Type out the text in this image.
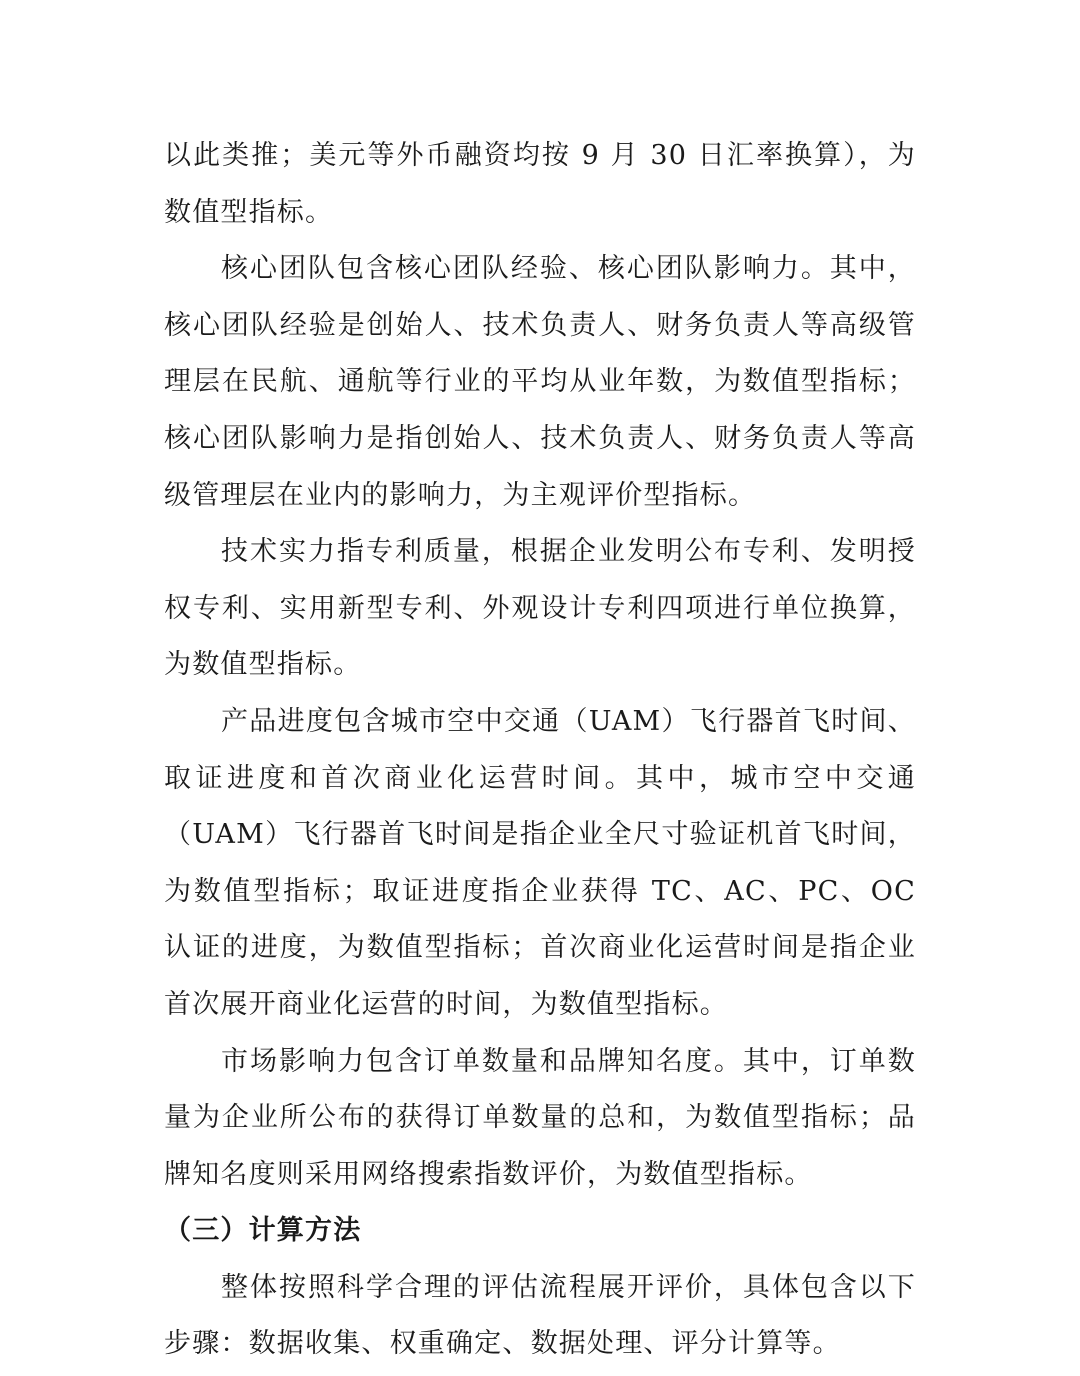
以此类推；美元等外币融资均按 9 月 30 日汇率换算），为数值型指标。

核心团队包含核心团队经验、核心团队影响力。其中，核心团队经验是创始人、技术负责人、财务负责人等高级管理层在民航、通航等行业的平均从业年数，为数值型指标；核心团队影响力是指创始人、技术负责人、财务负责人等高级管理层在业内的影响力，为主观评价型指标。

技术实力指专利质量，根据企业发明公布专利、发明授权专利、实用新型专利、外观设计专利四项进行单位换算，为数值型指标。

产品进度包含城市空中交通（UAM）飞行器首飞时间、取证进度和首次商业化运营时间。其中，城市空中交通（UAM）飞行器首飞时间是指企业全尺寸验证机首飞时间，为数值型指标；取证进度指企业获得 TC、AC、PC、OC 认证的进度，为数值型指标；首次商业化运营时间是指企业首次展开商业化运营的时间，为数值型指标。

市场影响力包含订单数量和品牌知名度。其中，订单数量为企业所公布的获得订单数量的总和，为数值型指标；品牌知名度则采用网络搜索指数评价，为数值型指标。

（三）计算方法

整体按照科学合理的评估流程展开评价，具体包含以下步骤：数据收集、权重确定、数据处理、评分计算等。
